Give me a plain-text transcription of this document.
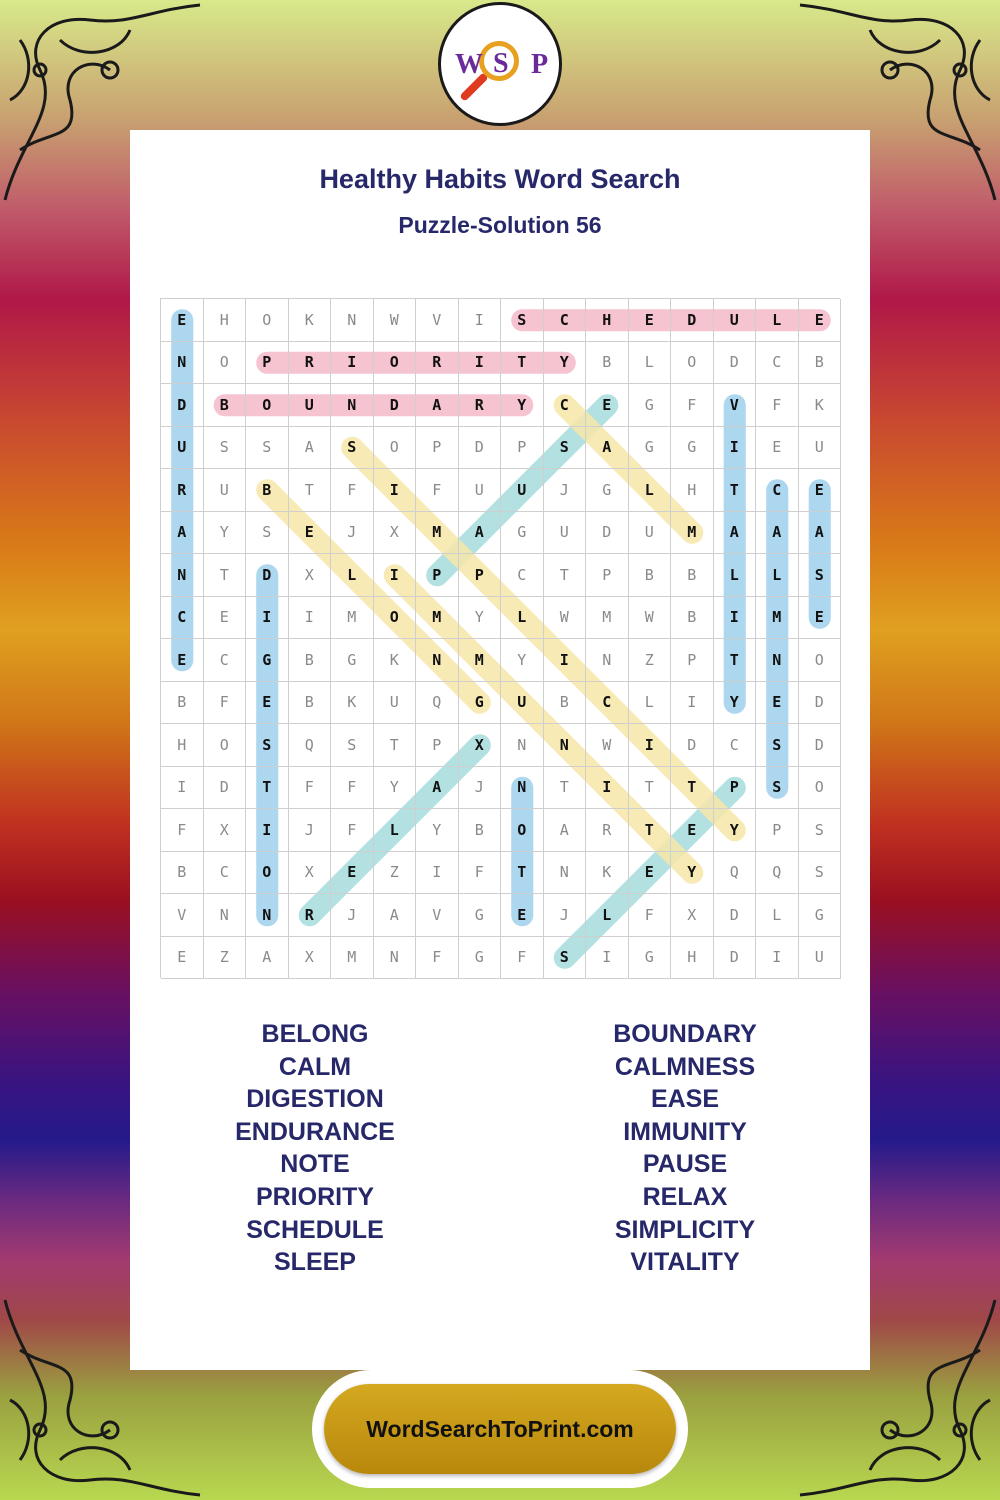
W S P
Healthy Habits Word Search
Puzzle-Solution 56
E	H	O	K	N	W	V	I	S	C	H	E	D	U	L	E
N	O	P	R	I	O	R	I	T	Y	B	L	O	D	C	B
D	B	O	U	N	D	A	R	Y	C	E	G	F	V	F	K
U	S	S	A	S	O	P	D	P	S	A	G	G	I	E	U
R	U	B	T	F	I	F	U	U	J	G	L	H	T	C	E
A	Y	S	E	J	X	M	A	G	U	D	U	M	A	A	A
N	T	D	X	L	I	P	P	C	T	P	B	B	L	L	S
C	E	I	I	M	O	M	Y	L	W	M	W	B	I	M	E
E	C	G	B	G	K	N	M	Y	I	N	Z	P	T	N	O
B	F	E	B	K	U	Q	G	U	B	C	L	I	Y	E	D
H	O	S	Q	S	T	P	X	N	N	W	I	D	C	S	D
I	D	T	F	F	Y	A	J	N	T	I	T	T	P	S	O
F	X	I	J	F	L	Y	B	O	A	R	T	E	Y	P	S
B	C	O	X	E	Z	I	F	T	N	K	E	Y	Q	Q	S
V	N	N	R	J	A	V	G	E	J	L	F	X	D	L	G
E	Z	A	X	M	N	F	G	F	S	I	G	H	D	I	U
BELONG
CALM
DIGESTION
ENDURANCE
NOTE
PRIORITY
SCHEDULE
SLEEP
BOUNDARY
CALMNESS
EASE
IMMUNITY
PAUSE
RELAX
SIMPLICITY
VITALITY
WordSearchToPrint.com
